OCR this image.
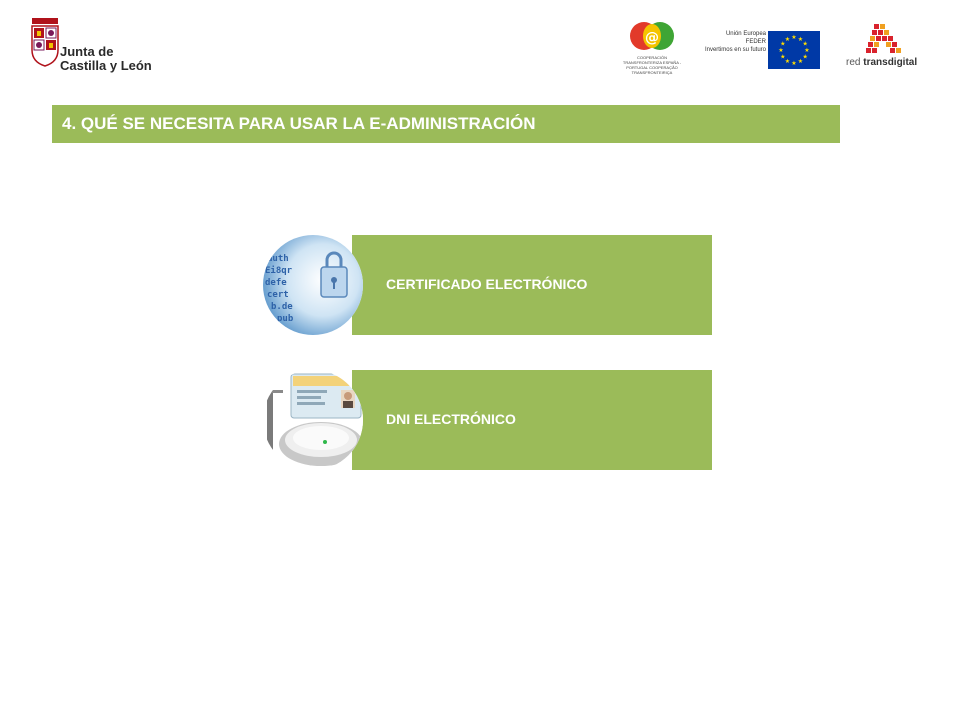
Junta de
Castilla y León
@
COOPERACIÓN TRANSFRONTERIZA ESPAÑA - PORTUGAL COOPERAÇÃO TRANSFRONTEIRIÇA
Unión Europea
FEDER
Invertimos en su futuro
★ ★
★
★
★
★
★
★
★
★
★
★
red transdigital
4. QUÉ SE NECESITA PARA USAR LA E-ADMINISTRACIÓN
CERTIFICADO ELECTRÓNICO
auth
Ei8qr
defe
cert
b.de
pub
DNI ELECTRÓNICO
